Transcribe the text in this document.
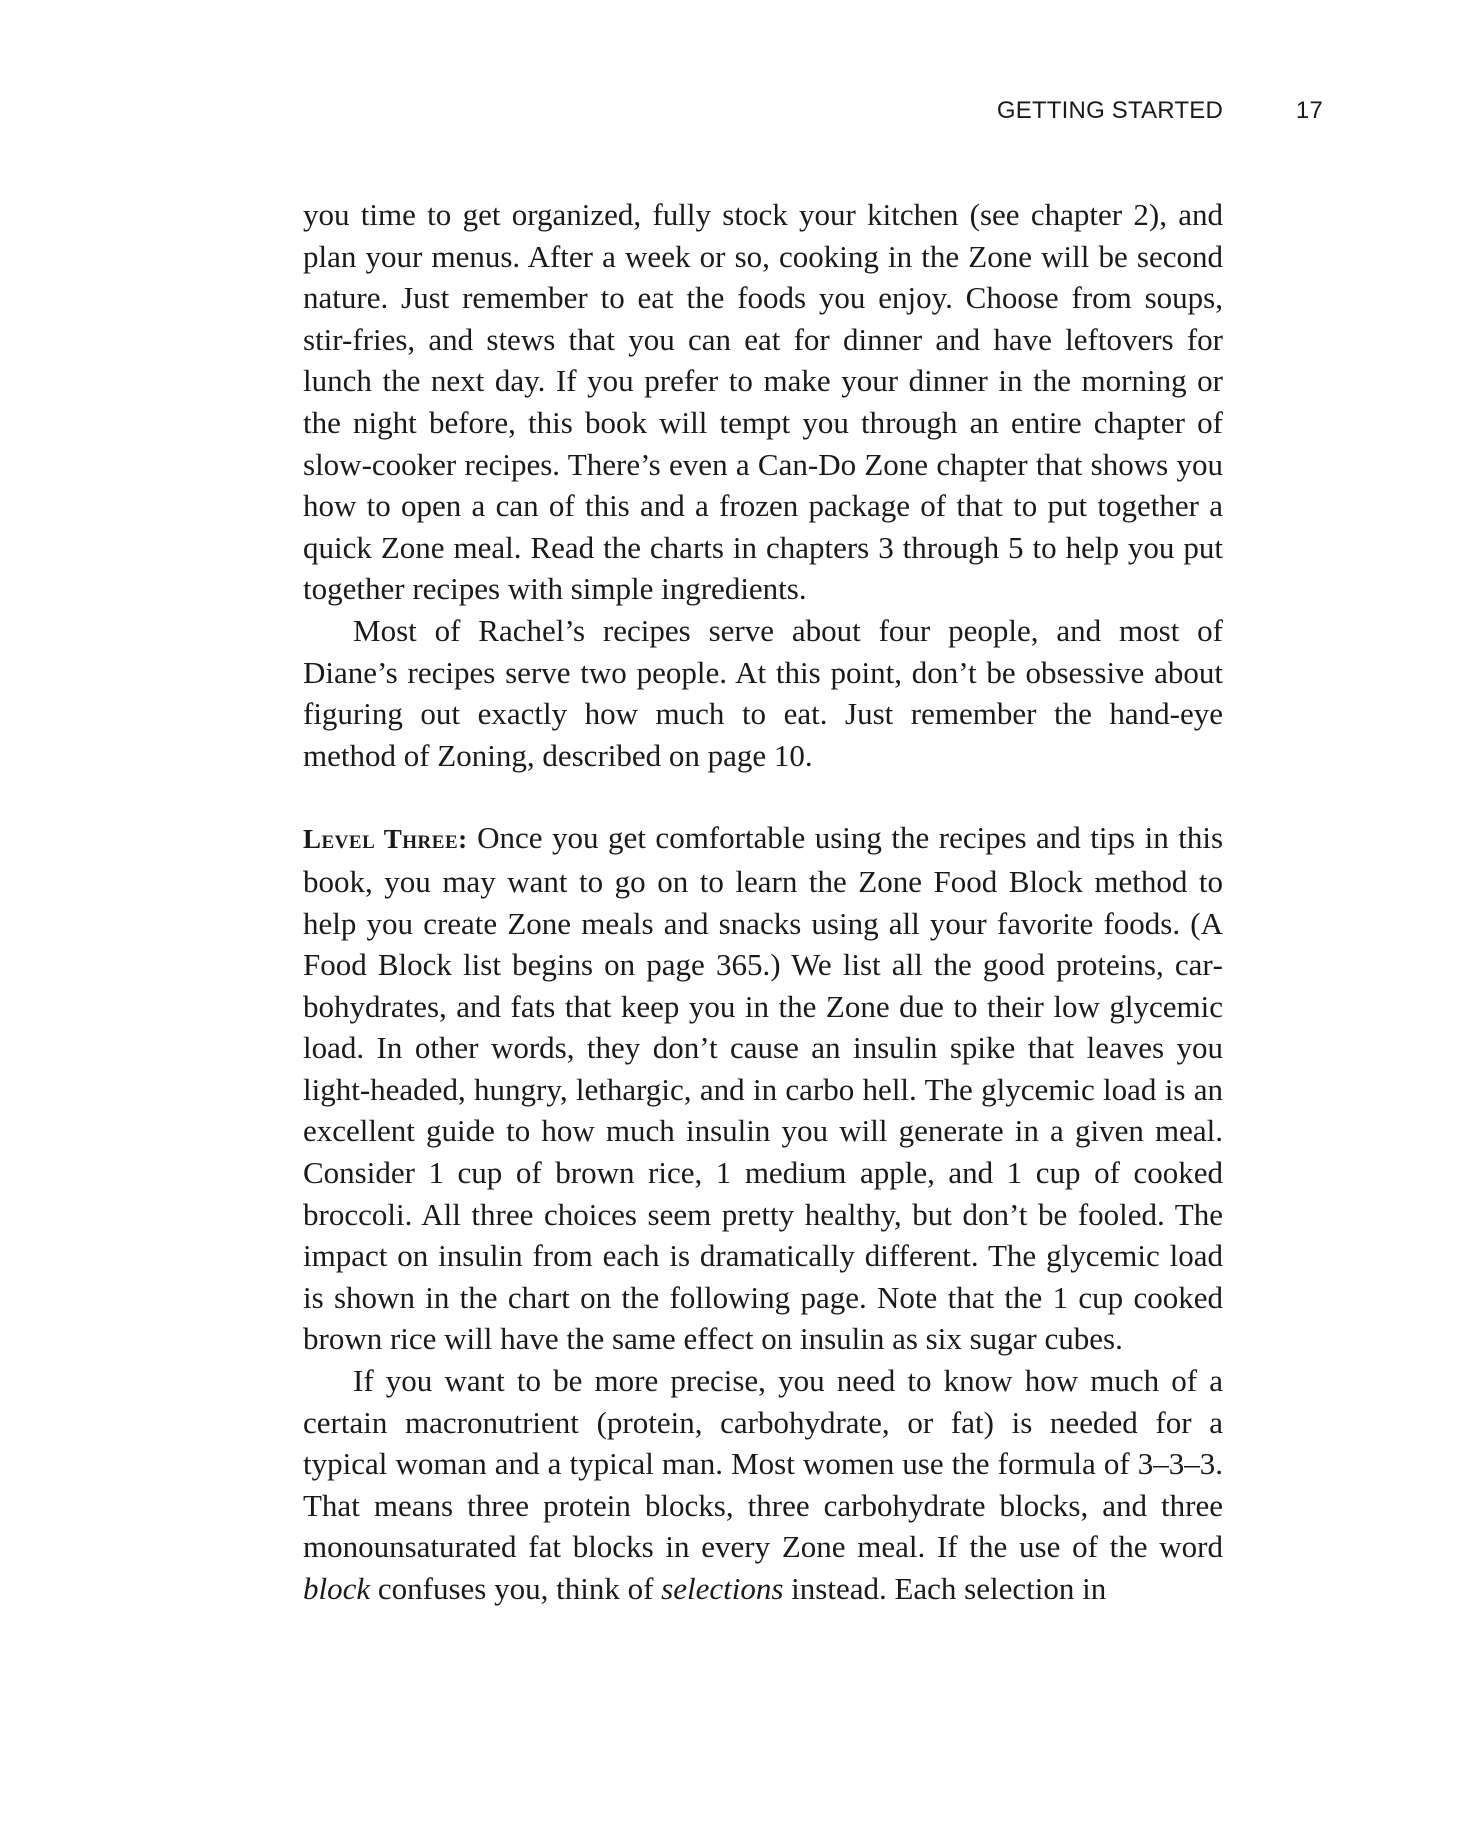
GETTING STARTED	17

you time to get organized, fully stock your kitchen (see chapter 2), and plan your menus. After a week or so, cooking in the Zone will be second nature. Just remember to eat the foods you enjoy. Choose from soups, stir-fries, and stews that you can eat for dinner and have leftovers for lunch the next day. If you prefer to make your dinner in the morning or the night before, this book will tempt you through an entire chapter of slow-cooker recipes. There’s even a Can-Do Zone chapter that shows you how to open a can of this and a frozen package of that to put together a quick Zone meal. Read the charts in chapters 3 through 5 to help you put together recipes with simple ingredients.

Most of Rachel’s recipes serve about four people, and most of Diane’s recipes serve two people. At this point, don’t be obsessive about figuring out exactly how much to eat. Just remember the hand-eye method of Zoning, described on page 10.

Level Three: Once you get comfortable using the recipes and tips in this book, you may want to go on to learn the Zone Food Block method to help you create Zone meals and snacks using all your favorite foods. (A Food Block list begins on page 365.) We list all the good proteins, carbohydrates, and fats that keep you in the Zone due to their low glycemic load. In other words, they don’t cause an insulin spike that leaves you light-headed, hungry, lethargic, and in carbo hell. The glycemic load is an excellent guide to how much insulin you will generate in a given meal. Consider 1 cup of brown rice, 1 medium apple, and 1 cup of cooked broccoli. All three choices seem pretty healthy, but don’t be fooled. The impact on insulin from each is dramatically different. The glycemic load is shown in the chart on the following page. Note that the 1 cup cooked brown rice will have the same effect on insulin as six sugar cubes.

If you want to be more precise, you need to know how much of a certain macronutrient (protein, carbohydrate, or fat) is needed for a typical woman and a typical man. Most women use the formula of 3–3–3. That means three protein blocks, three carbohydrate blocks, and three monounsaturated fat blocks in every Zone meal. If the use of the word block confuses you, think of selections instead. Each selection in
